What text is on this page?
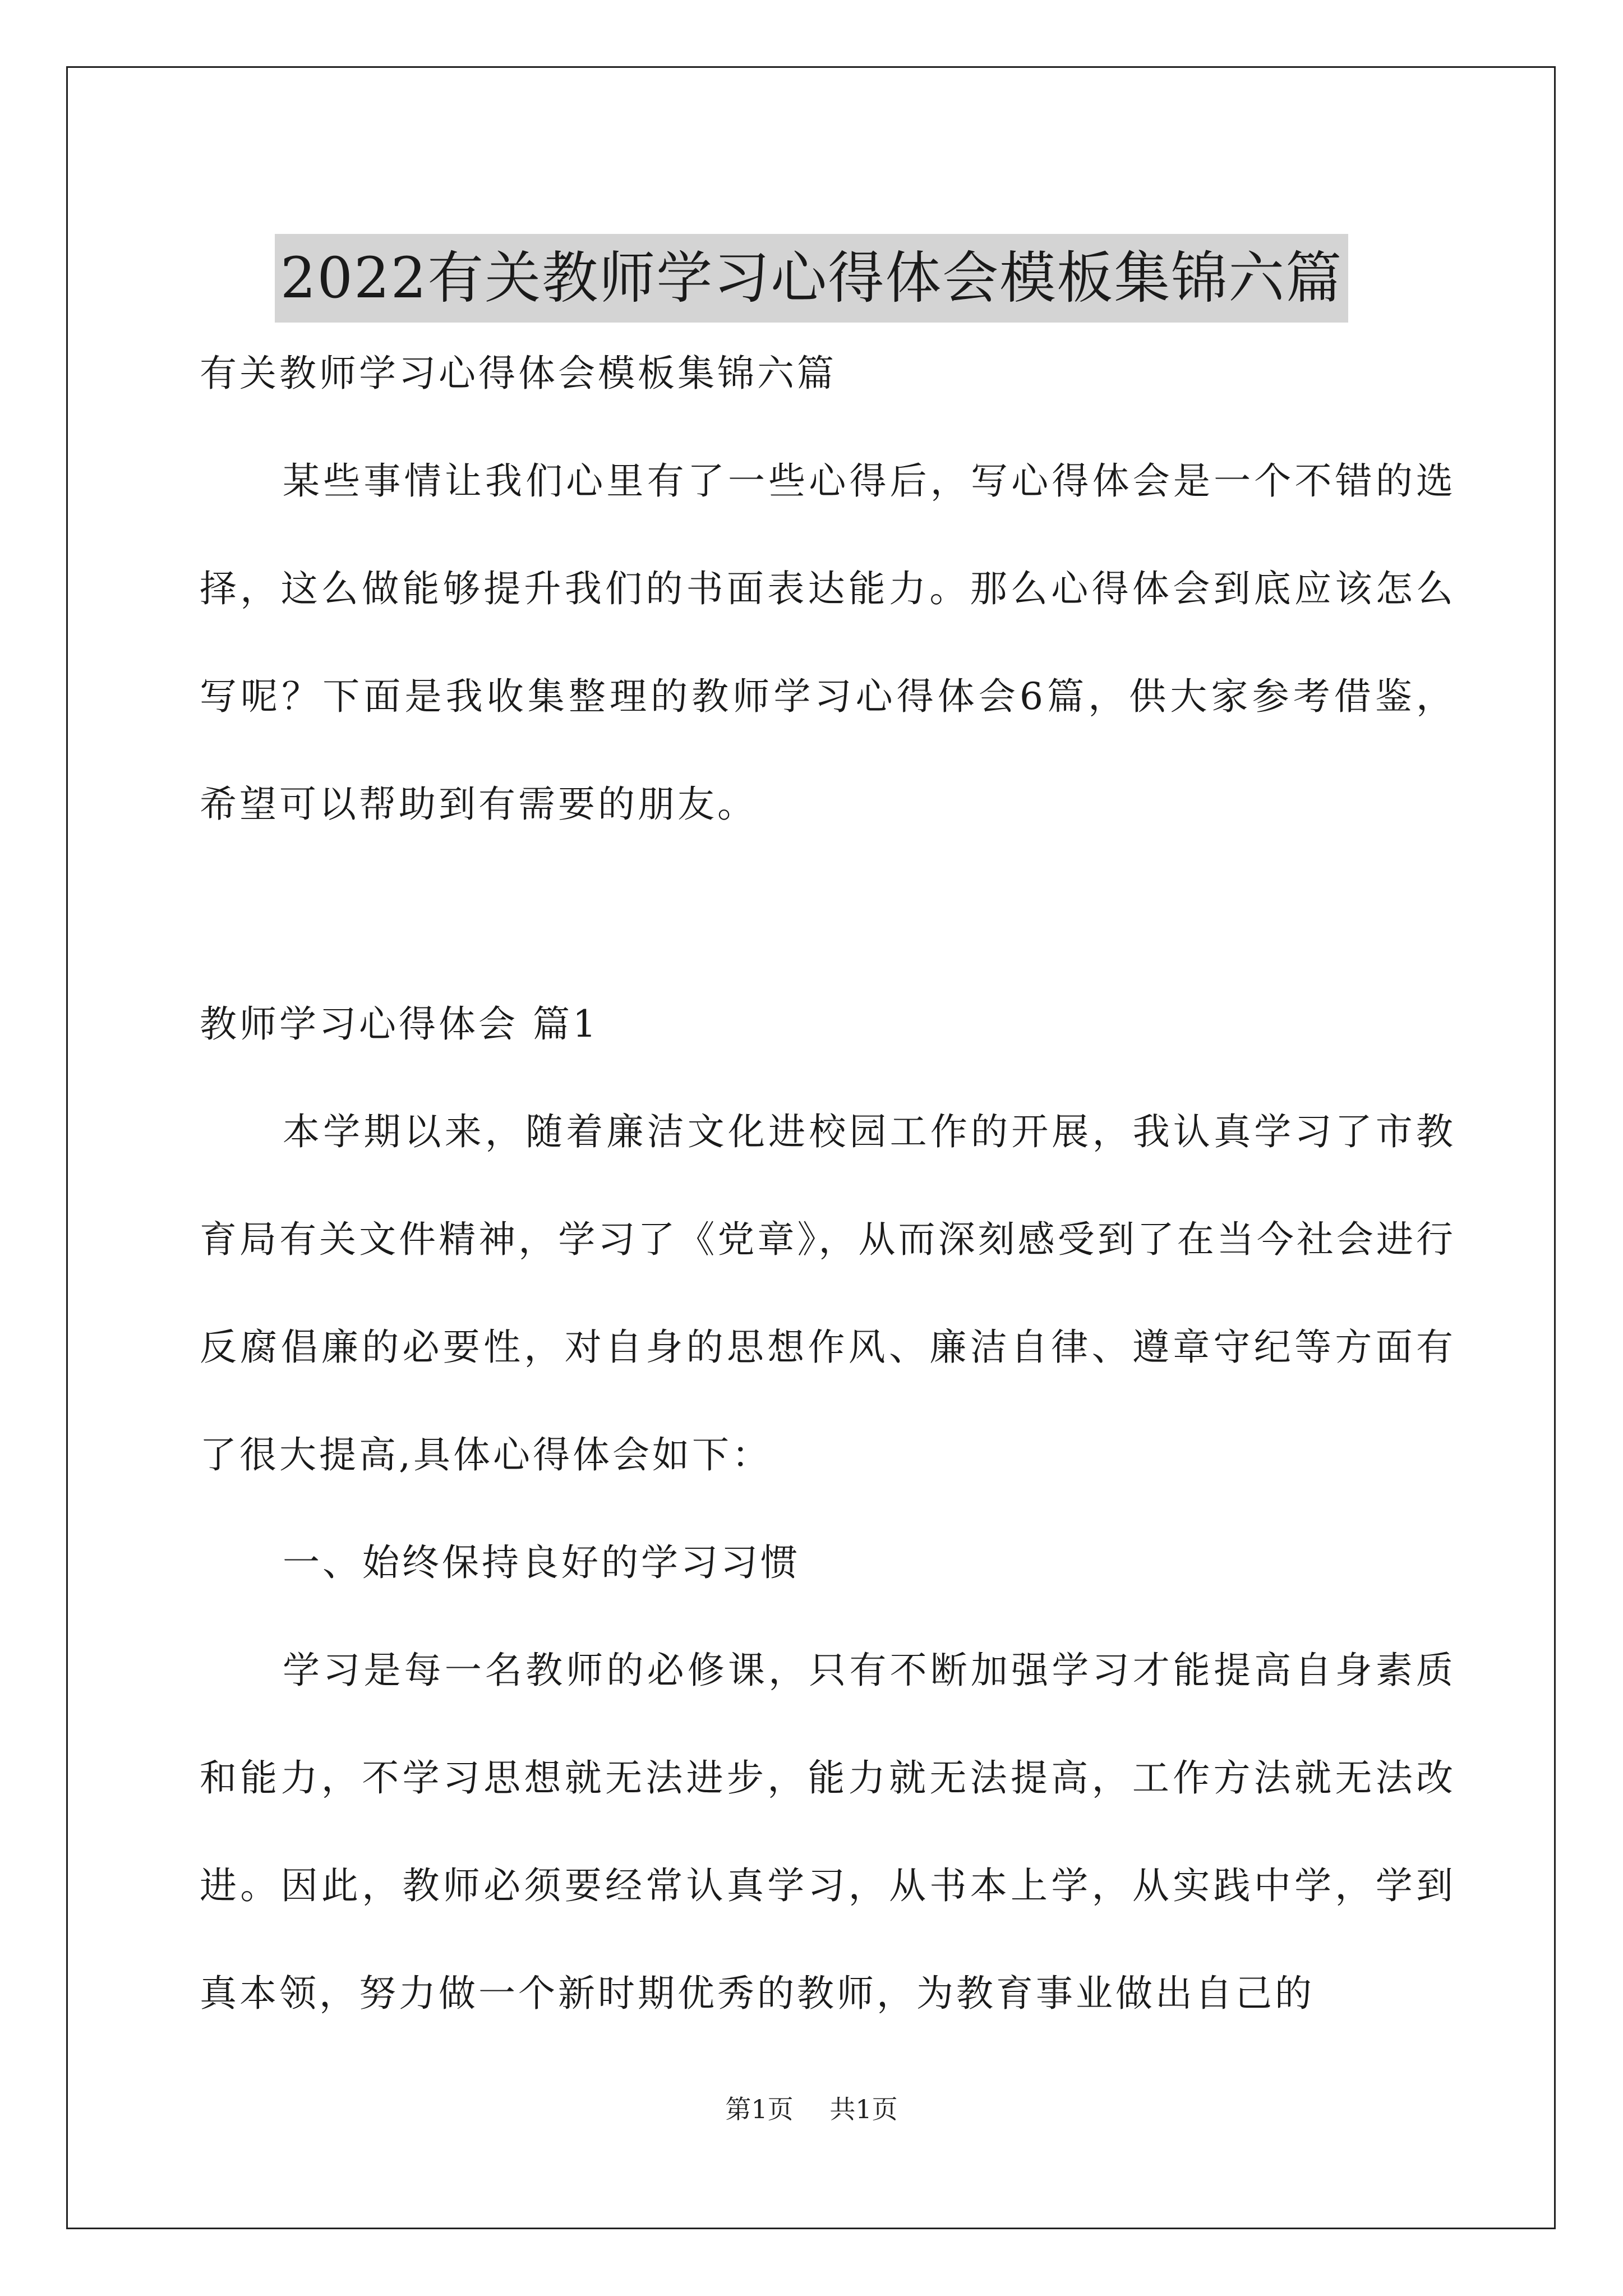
2022有关教师学习心得体会模板集锦六篇

有关教师学习心得体会模板集锦六篇

某些事情让我们心里有了一些心得后，写心得体会是一个不错的选择，这么做能够提升我们的书面表达能力。那么心得体会到底应该怎么写呢？下面是我收集整理的教师学习心得体会6篇，供大家参考借鉴，希望可以帮助到有需要的朋友。

教师学习心得体会 篇1

本学期以来，随着廉洁文化进校园工作的开展，我认真学习了市教育局有关文件精神，学习了《党章》，从而深刻感受到了在当今社会进行反腐倡廉的必要性，对自身的思想作风、廉洁自律、遵章守纪等方面有了很大提高,具体心得体会如下：

一、始终保持良好的学习习惯

学习是每一名教师的必修课，只有不断加强学习才能提高自身素质和能力，不学习思想就无法进步，能力就无法提高，工作方法就无法改进。因此，教师必须要经常认真学习，从书本上学，从实践中学，学到真本领，努力做一个新时期优秀的教师，为教育事业做出自己的

第1页 共1页
